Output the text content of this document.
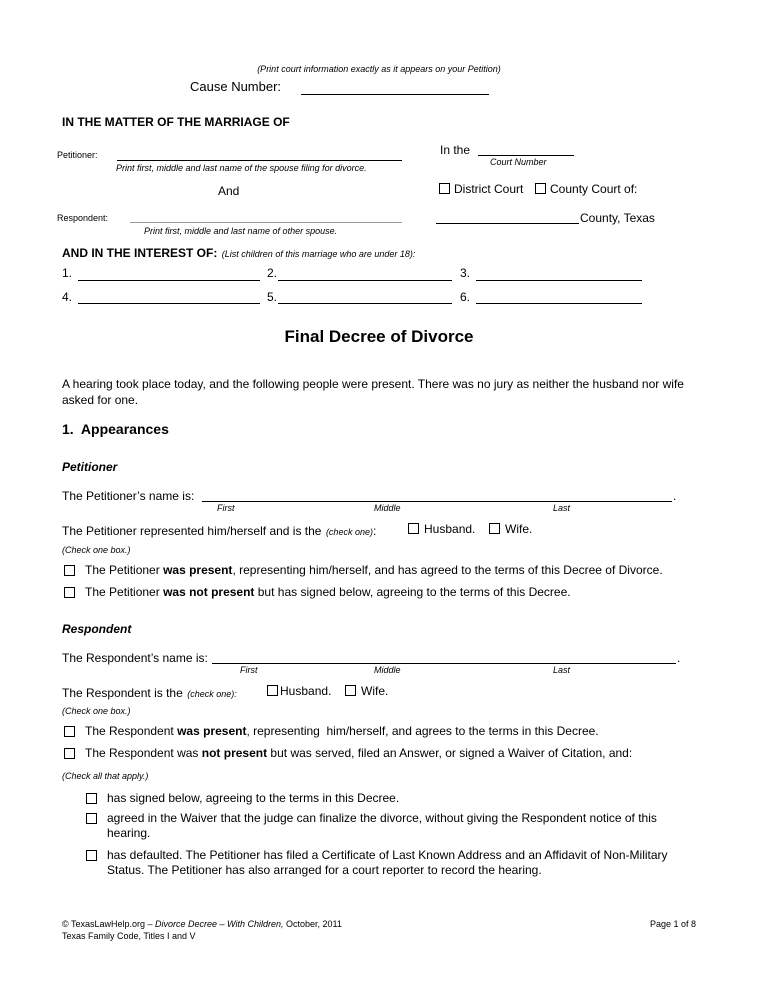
(Print court information exactly as it appears on your Petition)
Cause Number:
IN THE MATTER OF THE MARRIAGE OF
Petitioner:
Print first, middle and last name of the spouse filing for divorce.
And
Respondent:
Print first, middle and last name of other spouse.
In the
Court Number
District Court County Court of:
County, Texas
AND IN THE INTEREST OF: (List children of this marriage who are under 18):
1.	2.	3.
4.	5.	6.
Final Decree of Divorce
A hearing took place today, and the following people were present. There was no jury as neither the husband nor wife asked for one.
1.  Appearances
Petitioner
The Petitioner’s name is:	.
First	Middle	Last
The Petitioner represented him/herself and is the (check one):	Husband. Wife.
(Check one box.)
The Petitioner was present, representing him/herself, and has agreed to the terms of this Decree of Divorce.
The Petitioner was not present but has signed below, agreeing to the terms of this Decree.
Respondent
The Respondent’s name is:	.
First	Middle	Last
The Respondent is the (check one):	Husband. Wife.
(Check one box.)
The Respondent was present, representing  him/herself, and agrees to the terms in this Decree.
The Respondent was not present but was served, filed an Answer, or signed a Waiver of Citation, and:
(Check all that apply.)
has signed below, agreeing to the terms in this Decree.
agreed in the Waiver that the judge can finalize the divorce, without giving the Respondent notice of this hearing.
has defaulted. The Petitioner has filed a Certificate of Last Known Address and an Affidavit of Non-Military Status. The Petitioner has also arranged for a court reporter to record the hearing.
© TexasLawHelp.org – Divorce Decree – With Children, October, 2011
Texas Family Code, Titles I and V
Page 1 of 8
